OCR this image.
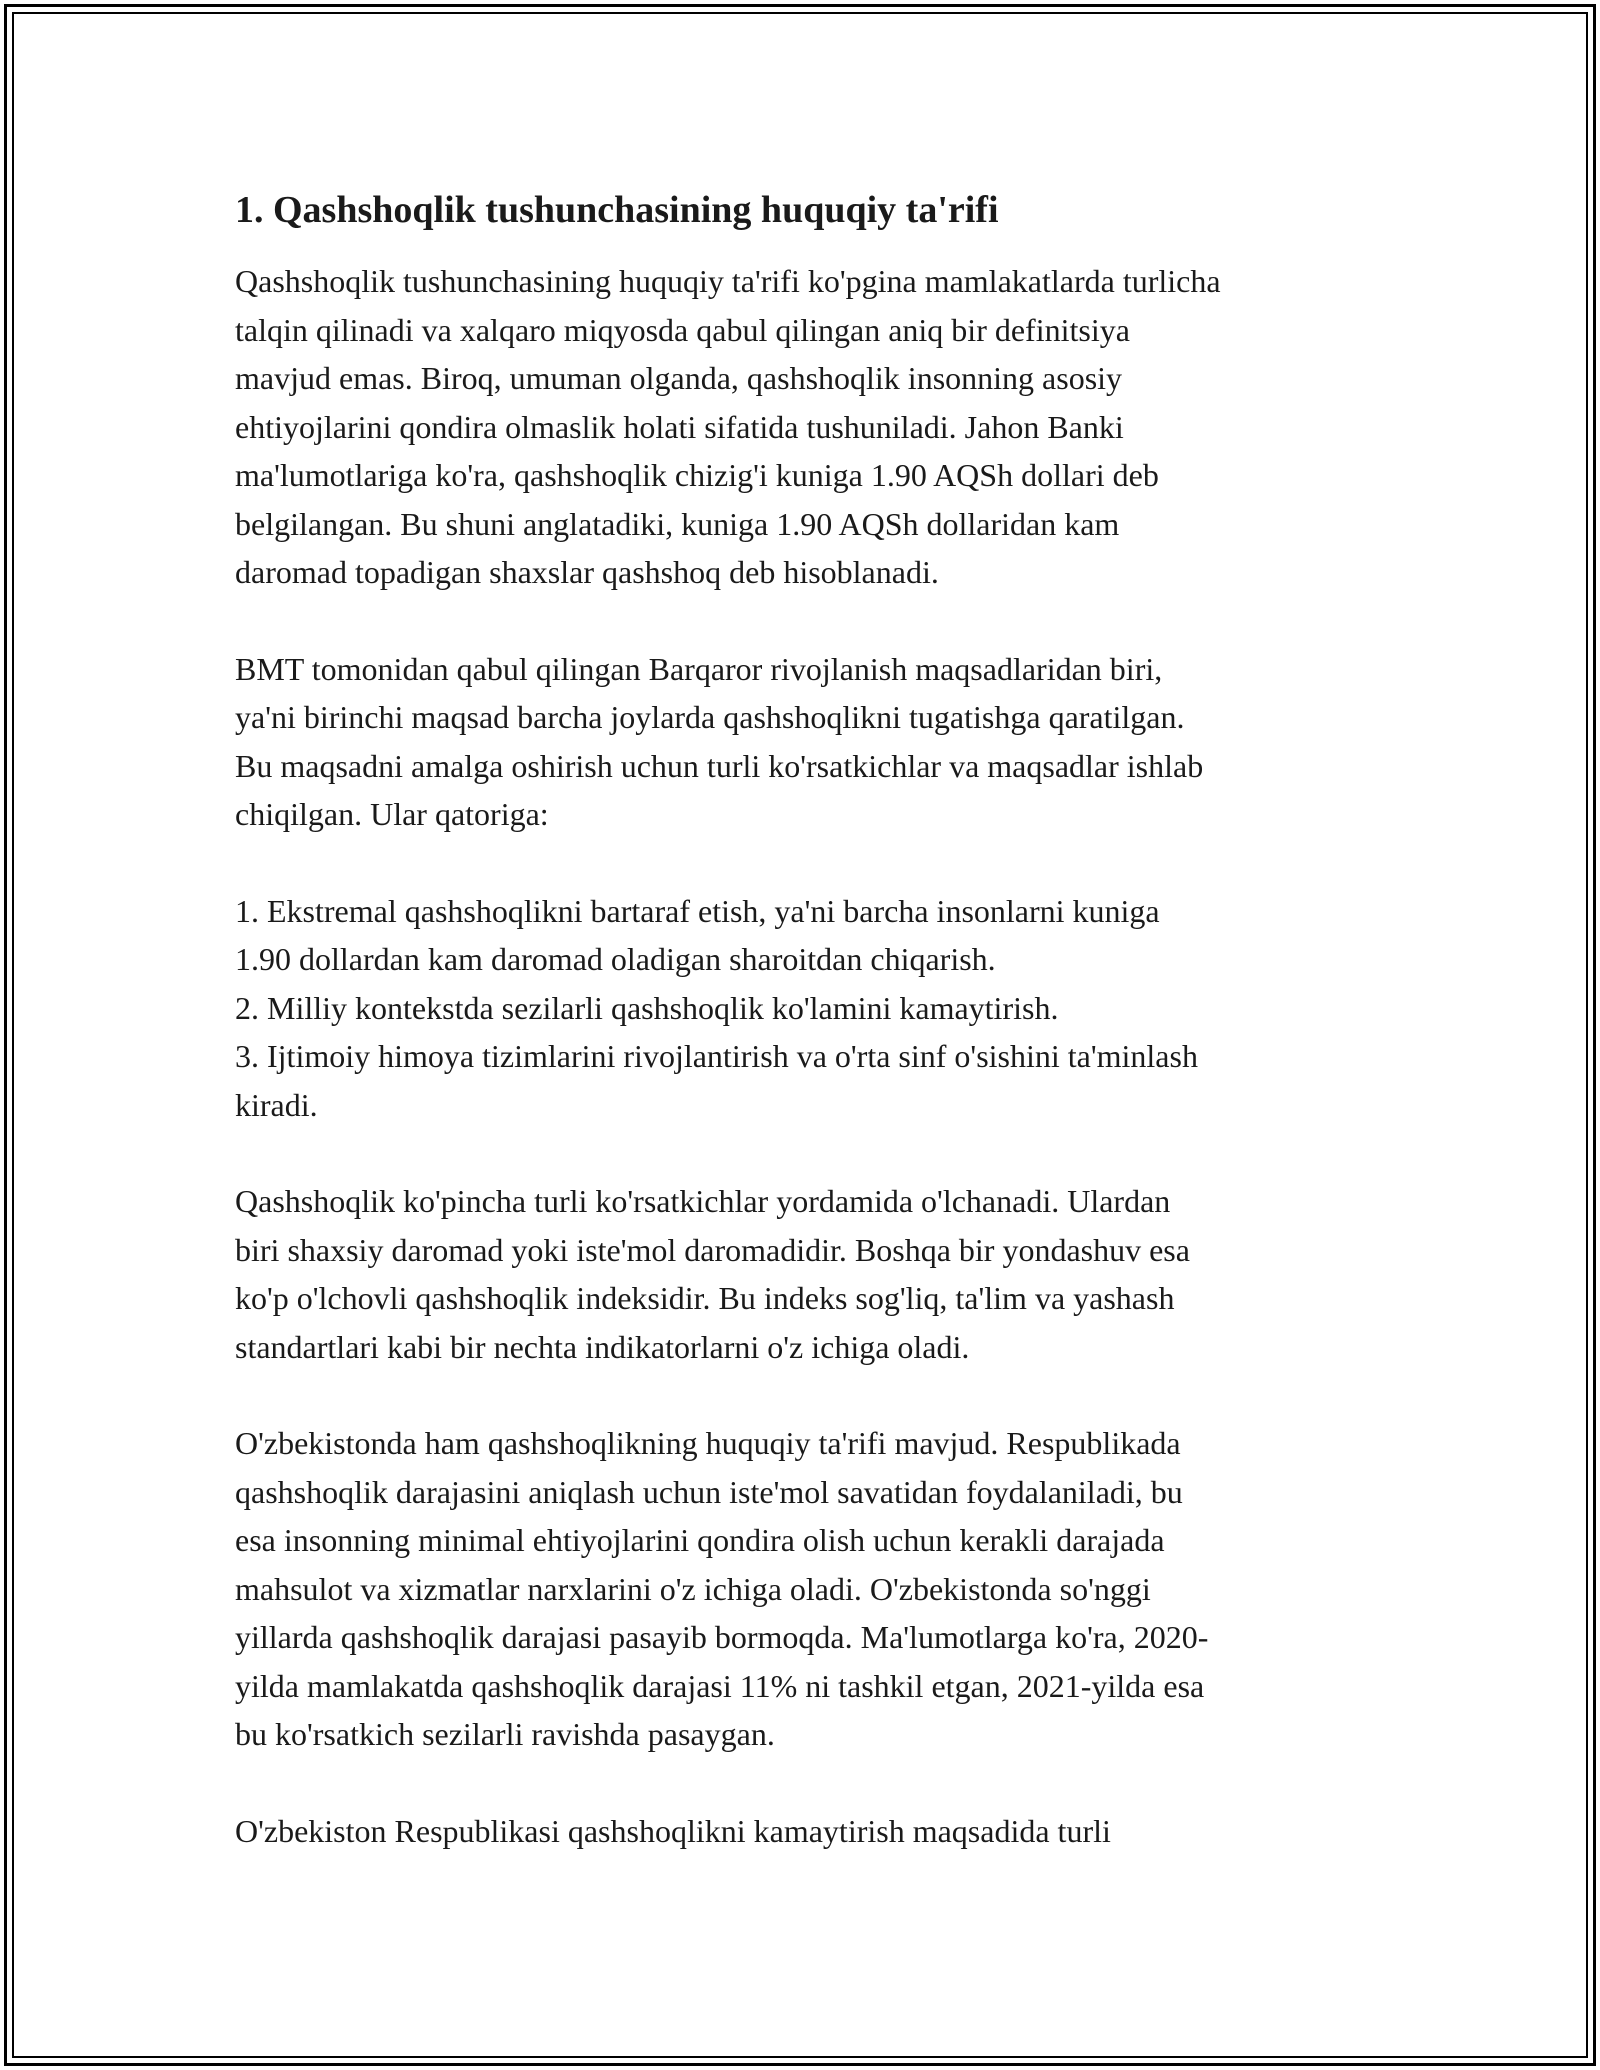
1. Qashshoqlik tushunchasining huquqiy ta'rifi
Qashshoqlik tushunchasining huquqiy ta'rifi ko'pgina mamlakatlarda turlicha
talqin qilinadi va xalqaro miqyosda qabul qilingan aniq bir definitsiya
mavjud emas. Biroq, umuman olganda, qashshoqlik insonning asosiy
ehtiyojlarini qondira olmaslik holati sifatida tushuniladi. Jahon Banki
ma'lumotlariga ko'ra, qashshoqlik chizig'i kuniga 1.90 AQSh dollari deb
belgilangan. Bu shuni anglatadiki, kuniga 1.90 AQSh dollaridan kam
daromad topadigan shaxslar qashshoq deb hisoblanadi.
BMT tomonidan qabul qilingan Barqaror rivojlanish maqsadlaridan biri,
ya'ni birinchi maqsad barcha joylarda qashshoqlikni tugatishga qaratilgan.
Bu maqsadni amalga oshirish uchun turli ko'rsatkichlar va maqsadlar ishlab
chiqilgan. Ular qatoriga:
1. Ekstremal qashshoqlikni bartaraf etish, ya'ni barcha insonlarni kuniga
1.90 dollardan kam daromad oladigan sharoitdan chiqarish.
2. Milliy kontekstda sezilarli qashshoqlik ko'lamini kamaytirish.
3. Ijtimoiy himoya tizimlarini rivojlantirish va o'rta sinf o'sishini ta'minlash
kiradi.
Qashshoqlik ko'pincha turli ko'rsatkichlar yordamida o'lchanadi. Ulardan
biri shaxsiy daromad yoki iste'mol daromadidir. Boshqa bir yondashuv esa
ko'p o'lchovli qashshoqlik indeksidir. Bu indeks sog'liq, ta'lim va yashash
standartlari kabi bir nechta indikatorlarni o'z ichiga oladi.
O'zbekistonda ham qashshoqlikning huquqiy ta'rifi mavjud. Respublikada
qashshoqlik darajasini aniqlash uchun iste'mol savatidan foydalaniladi, bu
esa insonning minimal ehtiyojlarini qondira olish uchun kerakli darajada
mahsulot va xizmatlar narxlarini o'z ichiga oladi. O'zbekistonda so'nggi
yillarda qashshoqlik darajasi pasayib bormoqda. Ma'lumotlarga ko'ra, 2020-
yilda mamlakatda qashshoqlik darajasi 11% ni tashkil etgan, 2021-yilda esa
bu ko'rsatkich sezilarli ravishda pasaygan.
O'zbekiston Respublikasi qashshoqlikni kamaytirish maqsadida turli
